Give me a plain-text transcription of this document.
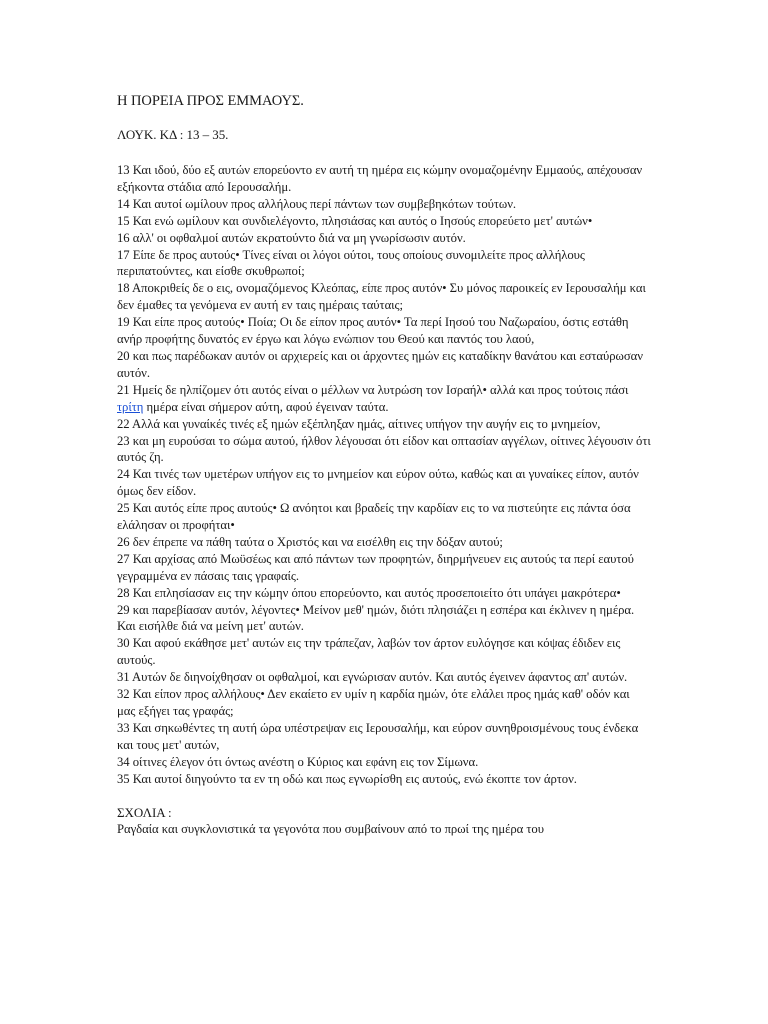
Η ΠΟΡΕΙΑ ΠΡΟΣ ΕΜΜΑΟΥΣ.

ΛΟΥΚ. ΚΔ : 13 – 35.

13 Και ιδού, δύο εξ αυτών επορεύοντο εν αυτή τη ημέρα εις κώμην ονομαζομένην Εμμαούς, απέχουσαν εξήκοντα στάδια από Ιερουσαλήμ.
14 Και αυτοί ωμίλουν προς αλλήλους περί πάντων των συμβεβηκότων τούτων.
15 Και ενώ ωμίλουν και συνδιελέγοντο, πλησιάσας και αυτός ο Ιησούς επορεύετο μετ' αυτών•
16 αλλ' οι οφθαλμοί αυτών εκρατούντο διά να μη γνωρίσωσιν αυτόν.
17 Είπε δε προς αυτούς• Τίνες είναι οι λόγοι ούτοι, τους οποίους συνομιλείτε προς αλλήλους περιπατούντες, και είσθε σκυθρωποί;
18 Αποκριθείς δε ο εις, ονομαζόμενος Κλεόπας, είπε προς αυτόν• Συ μόνος παροικείς εν Ιερουσαλήμ και δεν έμαθες τα γενόμενα εν αυτή εν ταις ημέραις ταύταις;
19 Και είπε προς αυτούς• Ποία; Οι δε είπον προς αυτόν• Τα περί Ιησού του Ναζωραίου, όστις εστάθη ανήρ προφήτης δυνατός εν έργω και λόγω ενώπιον του Θεού και παντός του λαού,
20 και πως παρέδωκαν αυτόν οι αρχιερείς και οι άρχοντες ημών εις καταδίκην θανάτου και εσταύρωσαν αυτόν.
21 Ημείς δε ηλπίζομεν ότι αυτός είναι ο μέλλων να λυτρώση τον Ισραήλ• αλλά και προς τούτοις πάσι τρίτη ημέρα είναι σήμερον αύτη, αφού έγειναν ταύτα.
22 Αλλά και γυναίκές τινές εξ ημών εξέπληξαν ημάς, αίτινες υπήγον την αυγήν εις το μνημείον,
23 και μη ευρούσαι το σώμα αυτού, ήλθον λέγουσαι ότι είδον και οπτασίαν αγγέλων, οίτινες λέγουσιν ότι αυτός ζη.
24 Και τινές των υμετέρων υπήγον εις το μνημείον και εύρον ούτω, καθώς και αι γυναίκες είπον, αυτόν όμως δεν είδον.
25 Και αυτός είπε προς αυτούς• Ω ανόητοι και βραδείς την καρδίαν εις το να πιστεύητε εις πάντα όσα ελάλησαν οι προφήται•
26 δεν έπρεπε να πάθη ταύτα ο Χριστός και να εισέλθη εις την δόξαν αυτού;
27 Και αρχίσας από Μωϋσέως και από πάντων των προφητών, διηρμήνευεν εις αυτούς τα περί εαυτού γεγραμμένα εν πάσαις ταις γραφαίς.
28 Και επλησίασαν εις την κώμην όπου επορεύοντο, και αυτός προσεποιείτο ότι υπάγει μακρότερα•
29 και παρεβίασαν αυτόν, λέγοντες• Μείνον μεθ' ημών, διότι πλησιάζει η εσπέρα και έκλινεν η ημέρα. Και εισήλθε διά να μείνη μετ' αυτών.
30 Και αφού εκάθησε μετ' αυτών εις την τράπεζαν, λαβών τον άρτον ευλόγησε και κόψας έδιδεν εις αυτούς.
31 Αυτών δε διηνοίχθησαν οι οφθαλμοί, και εγνώρισαν αυτόν. Και αυτός έγεινεν άφαντος απ' αυτών.
32 Και είπον προς αλλήλους• Δεν εκαίετο εν υμίν η καρδία ημών, ότε ελάλει προς ημάς καθ' οδόν και μας εξήγει τας γραφάς;
33 Και σηκωθέντες τη αυτή ώρα υπέστρεψαν εις Ιερουσαλήμ, και εύρον συνηθροισμένους τους ένδεκα και τους μετ' αυτών,
34 οίτινες έλεγον ότι όντως ανέστη ο Κύριος και εφάνη εις τον Σίμωνα.
35 Και αυτοί διηγούντο τα εν τη οδώ και πως εγνωρίσθη εις αυτούς, ενώ έκοπτε τον άρτον.
ΣΧΟΛΙΑ :
Ραγδαία και συγκλονιστικά τα γεγονότα που συμβαίνουν από το πρωί της ημέρα του
